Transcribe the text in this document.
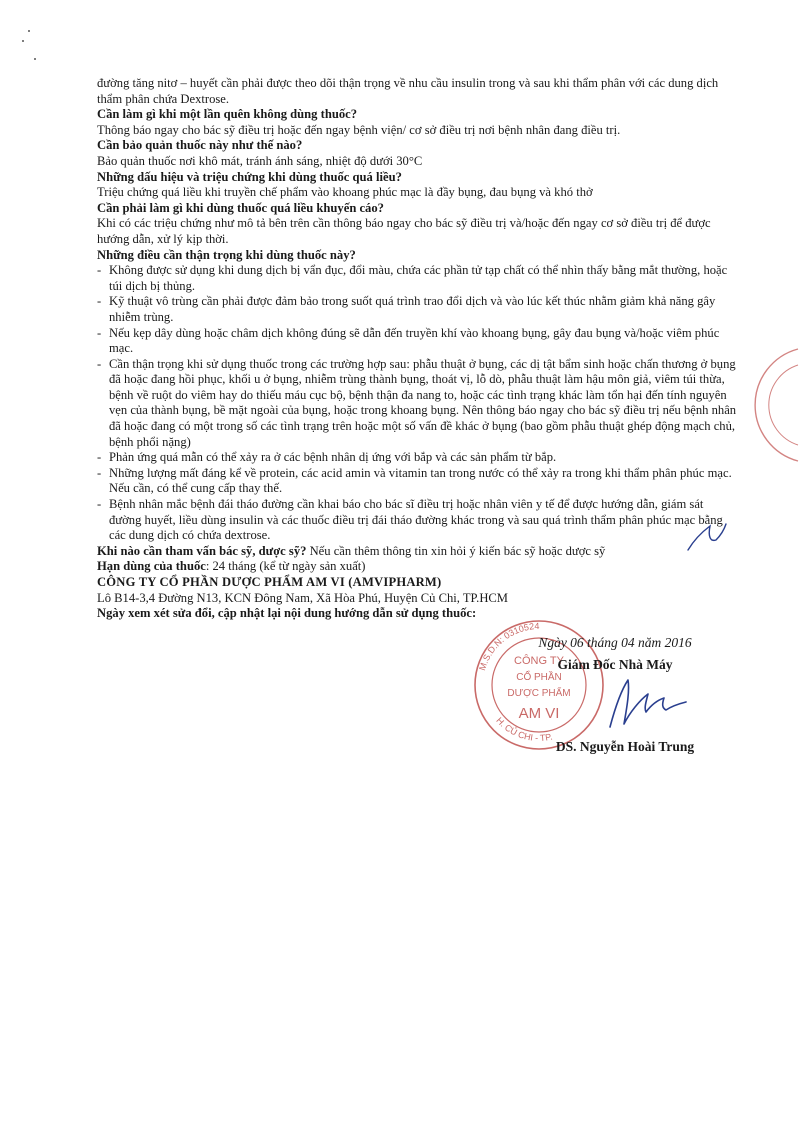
đường tăng nitơ – huyết cần phải được theo dõi thận trọng về nhu cầu insulin trong và sau khi thẩm phân với các dung dịch thẩm phân chứa Dextrose.

Cần làm gì khi một lần quên không dùng thuốc?

Thông báo ngay cho bác sỹ điều trị hoặc đến ngay bệnh viện/ cơ sở điều trị nơi bệnh nhân đang điều trị.

Cần bảo quản thuốc này như thế nào?

Bảo quản thuốc nơi khô mát, tránh ánh sáng, nhiệt độ dưới 30°C

Những dấu hiệu và triệu chứng khi dùng thuốc quá liều?

Triệu chứng quá liều khi truyền chế phẩm vào khoang phúc mạc là đầy bụng, đau bụng và khó thở

Cần phải làm gì khi dùng thuốc quá liều khuyến cáo?

Khi có các triệu chứng như mô tả bên trên cần thông báo ngay cho bác sỹ điều trị và/hoặc đến ngay cơ sở điều trị để được hướng dẫn, xử lý kịp thời.

Những điều cần thận trọng khi dùng thuốc này?

- Không được sử dụng khi dung dịch bị vẩn đục, đổi màu, chứa các phần tử tạp chất có thể nhìn thấy bằng mắt thường, hoặc túi dịch bị thủng.
- Kỹ thuật vô trùng cần phải được đảm bảo trong suốt quá trình trao đổi dịch và vào lúc kết thúc nhằm giảm khả năng gây nhiễm trùng.
- Nếu kẹp dây dùng hoặc châm dịch không đúng sẽ dẫn đến truyền khí vào khoang bụng, gây đau bụng và/hoặc viêm phúc mạc.
- Cần thận trọng khi sử dụng thuốc trong các trường hợp sau: phẫu thuật ở bụng, các dị tật bẩm sinh hoặc chấn thương ở bụng đã hoặc đang hồi phục, khối u ở bụng, nhiễm trùng thành bụng, thoát vị, lỗ dò, phẫu thuật làm hậu môn giả, viêm túi thừa, bệnh về ruột do viêm hay do thiếu máu cục bộ, bệnh thận đa nang to, hoặc các tình trạng khác làm tổn hại đến tính nguyên vẹn của thành bụng, bề mặt ngoài của bụng, hoặc trong khoang bụng. Nên thông báo ngay cho bác sỹ điều trị nếu bệnh nhân đã hoặc đang có một trong số các tình trạng trên hoặc một số vấn đề khác ở bụng (bao gồm phẫu thuật ghép động mạch chủ, bệnh phổi nặng)
- Phản ứng quá mẫn có thể xảy ra ở các bệnh nhân dị ứng với bắp và các sản phẩm từ bắp.
- Những lượng mất đáng kể về protein, các acid amin và vitamin tan trong nước có thể xảy ra trong khi thẩm phân phúc mạc. Nếu cần, có thể cung cấp thay thế.
- Bệnh nhân mắc bệnh đái tháo đường cần khai báo cho bác sĩ điều trị hoặc nhân viên y tế để được hướng dẫn, giám sát đường huyết, liều dùng insulin và các thuốc điều trị đái tháo đường khác trong và sau quá trình thẩm phân phúc mạc bằng các dung dịch có chứa dextrose.

Khi nào cần tham vấn bác sỹ, dược sỹ? Nếu cần thêm thông tin xin hỏi ý kiến bác sỹ hoặc dược sỹ

Hạn dùng của thuốc: 24 tháng (kể từ ngày sản xuất)

CÔNG TY CỔ PHẦN DƯỢC PHẨM AM VI (AMVIPHARM)

Lô B14-3,4 Đường N13, KCN Đông Nam, Xã Hòa Phú, Huyện Củ Chi, TP.HCM

Ngày xem xét sửa đổi, cập nhật lại nội dung hướng dẫn sử dụng thuốc:

M.S.D.N: 0310524
H. CỦ CHI - TP.
CÔNG TY
CỔ PHẦN
DƯỢC PHẨM
AM VI

Ngày 06 tháng 04 năm 2016

Giám Đốc Nhà Máy

DS. Nguyễn Hoài Trung
